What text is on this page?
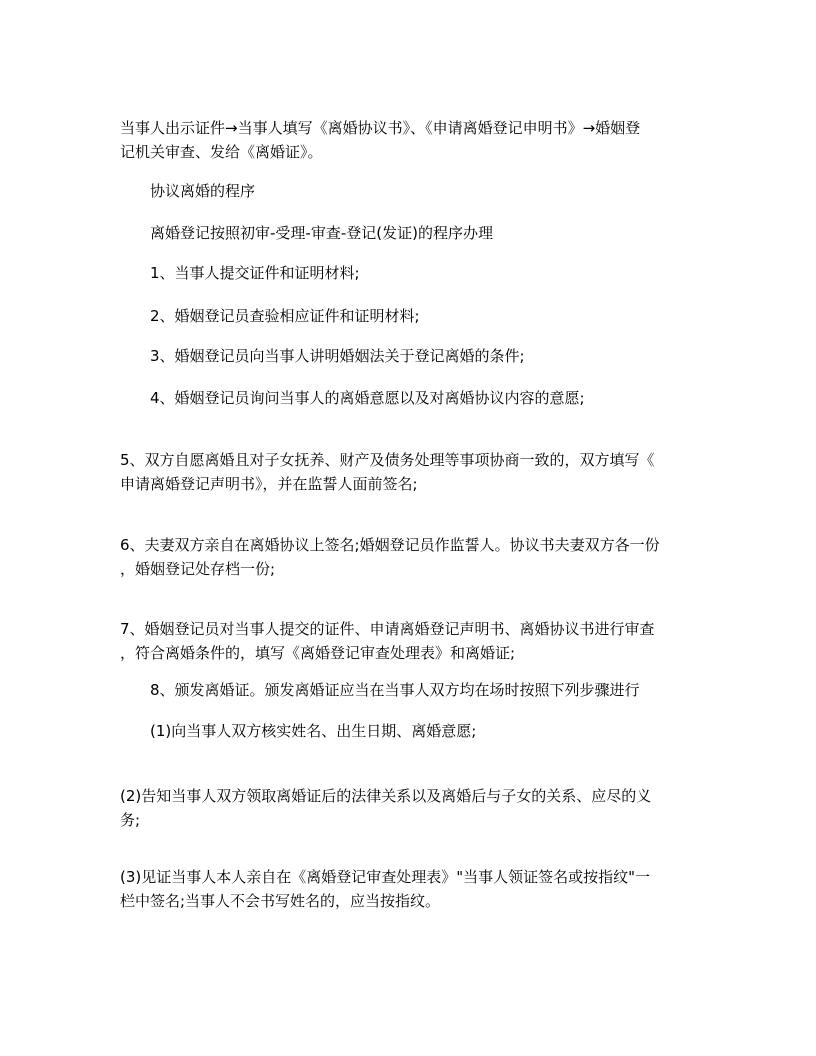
当事人出示证件→当事人填写《离婚协议书》、《申请离婚登记申明书》→婚姻登

记机关审查、发给《离婚证》。

协议离婚的程序

离婚登记按照初审-受理-审查-登记(发证)的程序办理

1、当事人提交证件和证明材料;

2、婚姻登记员查验相应证件和证明材料;

3、婚姻登记员向当事人讲明婚姻法关于登记离婚的条件;

4、婚姻登记员询问当事人的离婚意愿以及对离婚协议内容的意愿;

5、双方自愿离婚且对子女抚养、财产及债务处理等事项协商一致的，双方填写《

申请离婚登记声明书》，并在监誓人面前签名;

6、夫妻双方亲自在离婚协议上签名;婚姻登记员作监誓人。协议书夫妻双方各一份

，婚姻登记处存档一份;

7、婚姻登记员对当事人提交的证件、申请离婚登记声明书、离婚协议书进行审查

，符合离婚条件的，填写《离婚登记审查处理表》和离婚证;

8、颁发离婚证。颁发离婚证应当在当事人双方均在场时按照下列步骤进行

(1)向当事人双方核实姓名、出生日期、离婚意愿;

(2)告知当事人双方领取离婚证后的法律关系以及离婚后与子女的关系、应尽的义

务;

(3)见证当事人本人亲自在《离婚登记审查处理表》"当事人领证签名或按指纹"一

栏中签名;当事人不会书写姓名的，应当按指纹。
